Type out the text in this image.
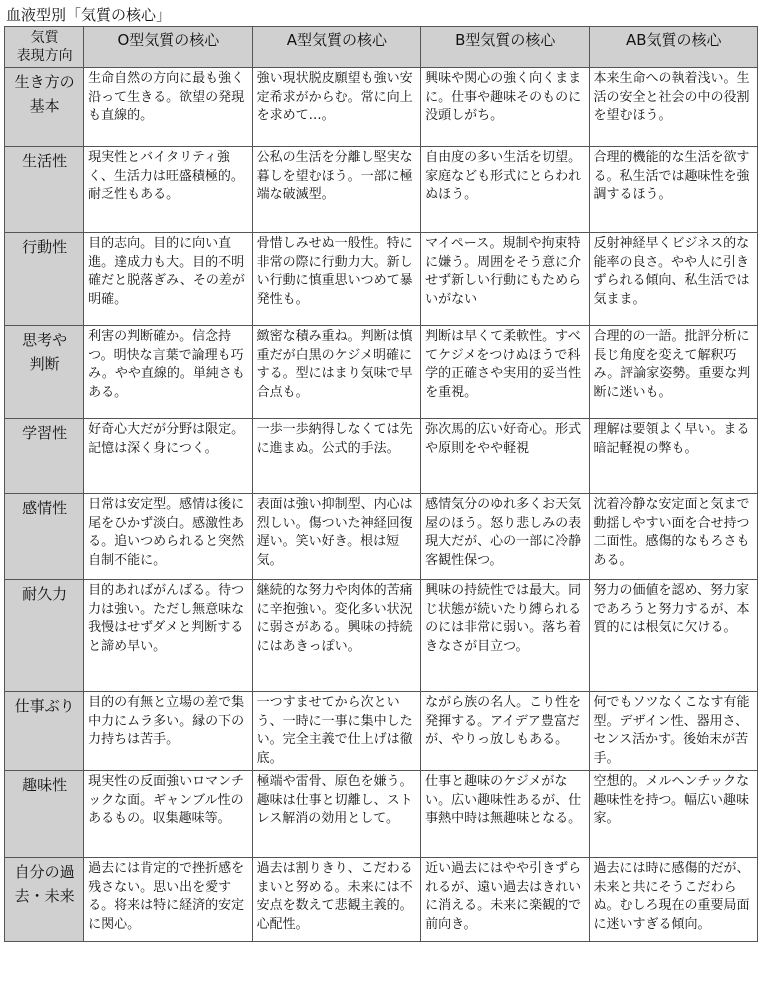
血液型別「気質の核心」
気質
表現方向	O型気質の核心	A型気質の核心	B型気質の核心	AB気質の核心
生き方の
基本	生命自然の方向に最も強く沿って生きる。欲望の発現も直線的。	強い現状脱皮願望も強い安定希求がからむ。常に向上を求めて…。	興味や関心の強く向くままに。仕事や趣味そのものに没頭しがち。	本来生命への執着浅い。生活の安全と社会の中の役割を望むほう。
生活性	現実性とバイタリティ強く、生活力は旺盛積極的。耐乏性もある。	公私の生活を分離し堅実な暮しを望むほう。一部に極端な破滅型。	自由度の多い生活を切望。家庭なども形式にとらわれぬほう。	合理的機能的な生活を欲する。私生活では趣味性を強調するほう。
行動性	目的志向。目的に向い直進。達成力も大。目的不明確だと脱落ぎみ、その差が明確。	骨惜しみせぬ一般性。特に非常の際に行動力大。新しい行動に慎重思いつめて暴発性も。	マイペース。規制や拘束特に嫌う。周囲をそう意に介せず新しい行動にもためらいがない	反射神経早くビジネス的な能率の良さ。やや人に引きずられる傾向、私生活では気まま。
思考や
判断	利害の判断確か。信念持つ。明快な言葉で論理も巧み。やや直線的。単純さもある。	緻密な積み重ね。判断は慎重だが白黒のケジメ明確にする。型にはまり気味で早合点も。	判断は早くて柔軟性。すべてケジメをつけぬほうで科学的正確さや実用的妥当性を重視。	合理的の一語。批評分析に長じ角度を変えて解釈巧み。評論家姿勢。重要な判断に迷いも。
学習性	好奇心大だが分野は限定。記憶は深く身につく。	一歩一歩納得しなくては先に進まぬ。公式的手法。	弥次馬的広い好奇心。形式や原則をやや軽視	理解は要領よく早い。まる暗記軽視の弊も。
感情性	日常は安定型。感情は後に尾をひかず淡白。感激性ある。追いつめられると突然自制不能に。	表面は強い抑制型、内心は烈しい。傷ついた神経回復遅い。笑い好き。根は短気。	感情気分のゆれ多くお天気屋のほう。怒り悲しみの表現大だが、心の一部に冷静客観性保つ。	沈着冷静な安定面と気まで動揺しやすい面を合せ持つ二面性。感傷的なもろさもある。
耐久力	目的あればがんばる。待つ力は強い。ただし無意味な我慢はせずダメと判断すると諦め早い。	継続的な努力や肉体的苦痛に辛抱強い。変化多い状況に弱さがある。興味の持続にはあきっぽい。	興味の持続性では最大。同じ状態が続いたり縛られるのには非常に弱い。落ち着きなさが目立つ。	努力の価値を認め、努力家であろうと努力するが、本質的には根気に欠ける。
仕事ぶり	目的の有無と立場の差で集中力にムラ多い。縁の下の力持ちは苦手。	一つすませてから次という、一時に一事に集中したい。完全主義で仕上げは徹底。	ながら族の名人。こり性を発揮する。アイデア豊富だが、やりっ放しもある。	何でもソツなくこなす有能型。デザイン性、器用さ、センス活かす。後始末が苦手。
趣味性	現実性の反面強いロマンチックな面。ギャンブル性のあるもの。収集趣味等。	極端や雷骨、原色を嫌う。趣味は仕事と切離し、ストレス解消の効用として。	仕事と趣味のケジメがない。広い趣味性あるが、仕事熱中時は無趣味となる。	空想的。メルヘンチックな趣味性を持つ。幅広い趣味家。
自分の過
去・未来	過去には肯定的で挫折感を残さない。思い出を愛する。将来は特に経済的安定に関心。	過去は割りきり、こだわるまいと努める。未来には不安点を数えて悲観主義的。心配性。	近い過去にはやや引きずられるが、遠い過去はきれいに消える。未来に楽観的で前向き。	過去には時に感傷的だが、未来と共にそうこだわらぬ。むしろ現在の重要局面に迷いすぎる傾向。
